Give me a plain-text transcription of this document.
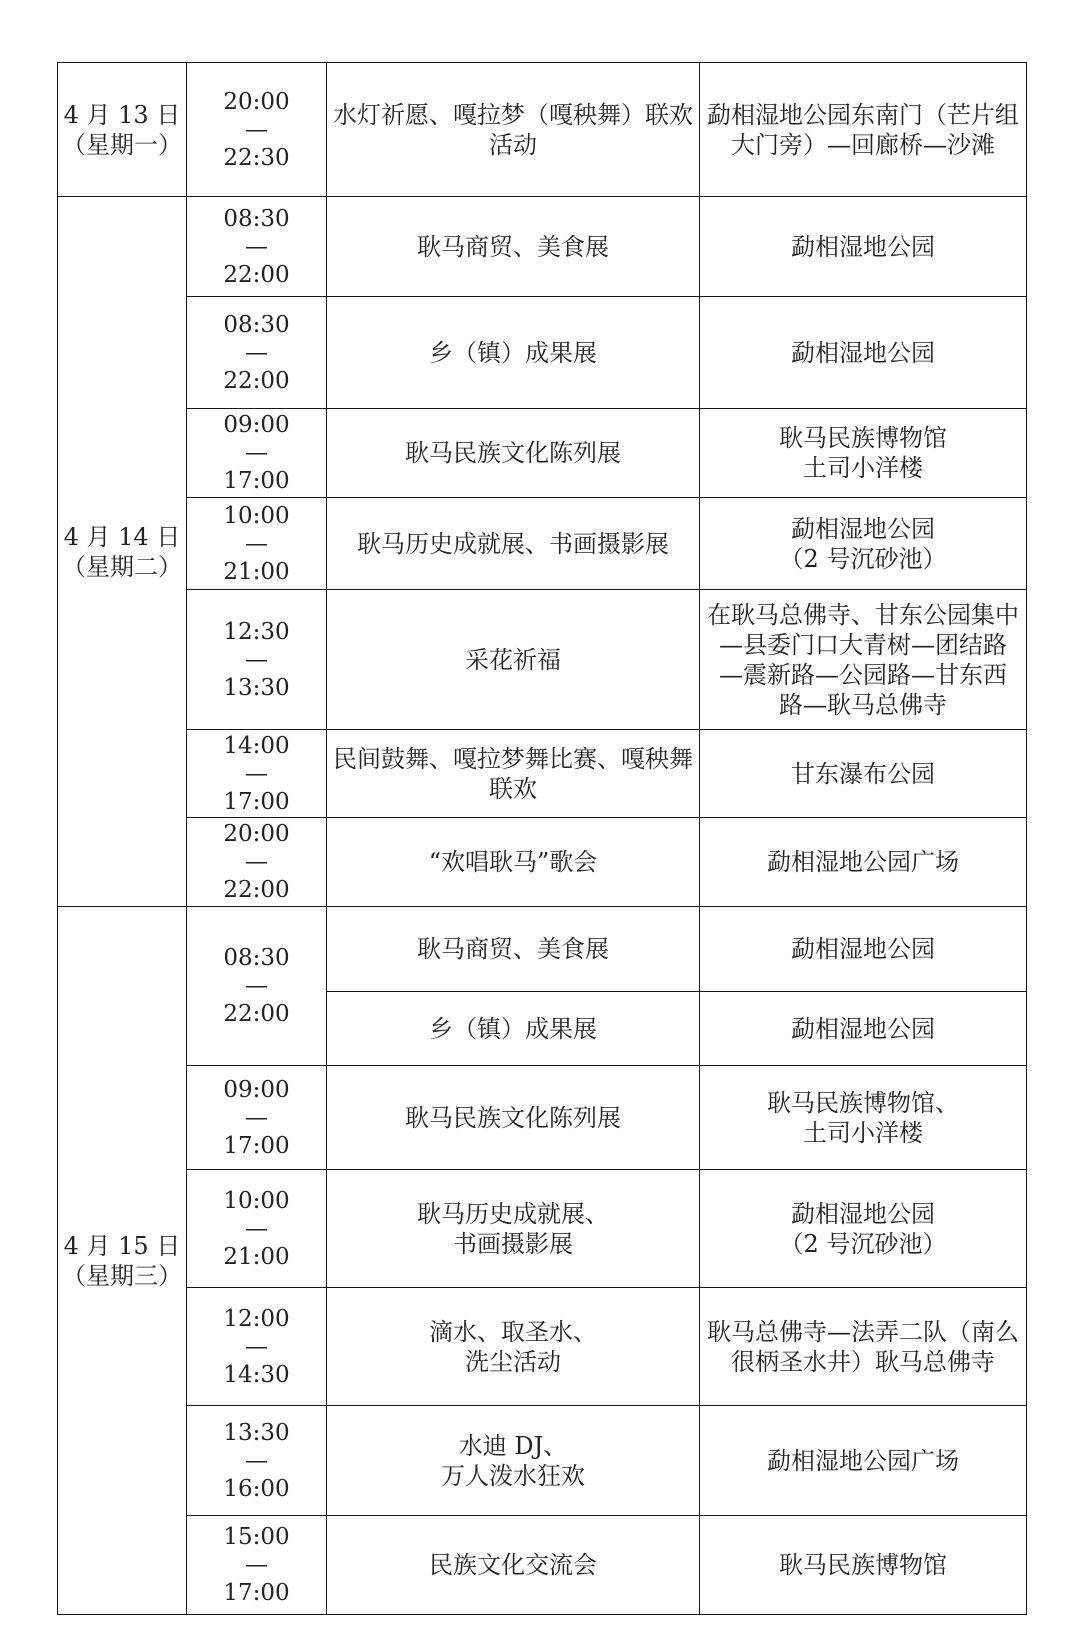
4 月 13 日
（星期一）	20:00
—
22:30	水灯祈愿、嘎拉梦（嘎秧舞）联欢
活动	勐相湿地公园东南门（芒片组
大门旁）—回廊桥—沙滩

4 月 14 日
（星期二）	08:30
—
22:00	耿马商贸、美食展	勐相湿地公园

	08:30
—
22:00	乡（镇）成果展	勐相湿地公园

	09:00
—
17:00	耿马民族文化陈列展	耿马民族博物馆
土司小洋楼

	10:00
—
21:00	耿马历史成就展、书画摄影展	勐相湿地公园
（2 号沉砂池）

	12:30
—
13:30	采花祈福	在耿马总佛寺、甘东公园集中
—县委门口大青树—团结路
—震新路—公园路—甘东西
路—耿马总佛寺

	14:00
—
17:00	民间鼓舞、嘎拉梦舞比赛、嘎秧舞
联欢	甘东瀑布公园

	20:00
—
22:00	“欢唱耿马”歌会	勐相湿地公园广场

4 月 15 日
（星期三）	08:30
—
22:00	耿马商贸、美食展	勐相湿地公园

		乡（镇）成果展	勐相湿地公园

	09:00
—
17:00	耿马民族文化陈列展	耿马民族博物馆、
土司小洋楼

	10:00
—
21:00	耿马历史成就展、
书画摄影展	勐相湿地公园
（2 号沉砂池）

	12:00
—
14:30	滴水、取圣水、
洗尘活动	耿马总佛寺—法弄二队（南么
很柄圣水井）耿马总佛寺

	13:30
—
16:00	水迪 DJ、
万人泼水狂欢	勐相湿地公园广场

	15:00
—
17:00	民族文化交流会	耿马民族博物馆
